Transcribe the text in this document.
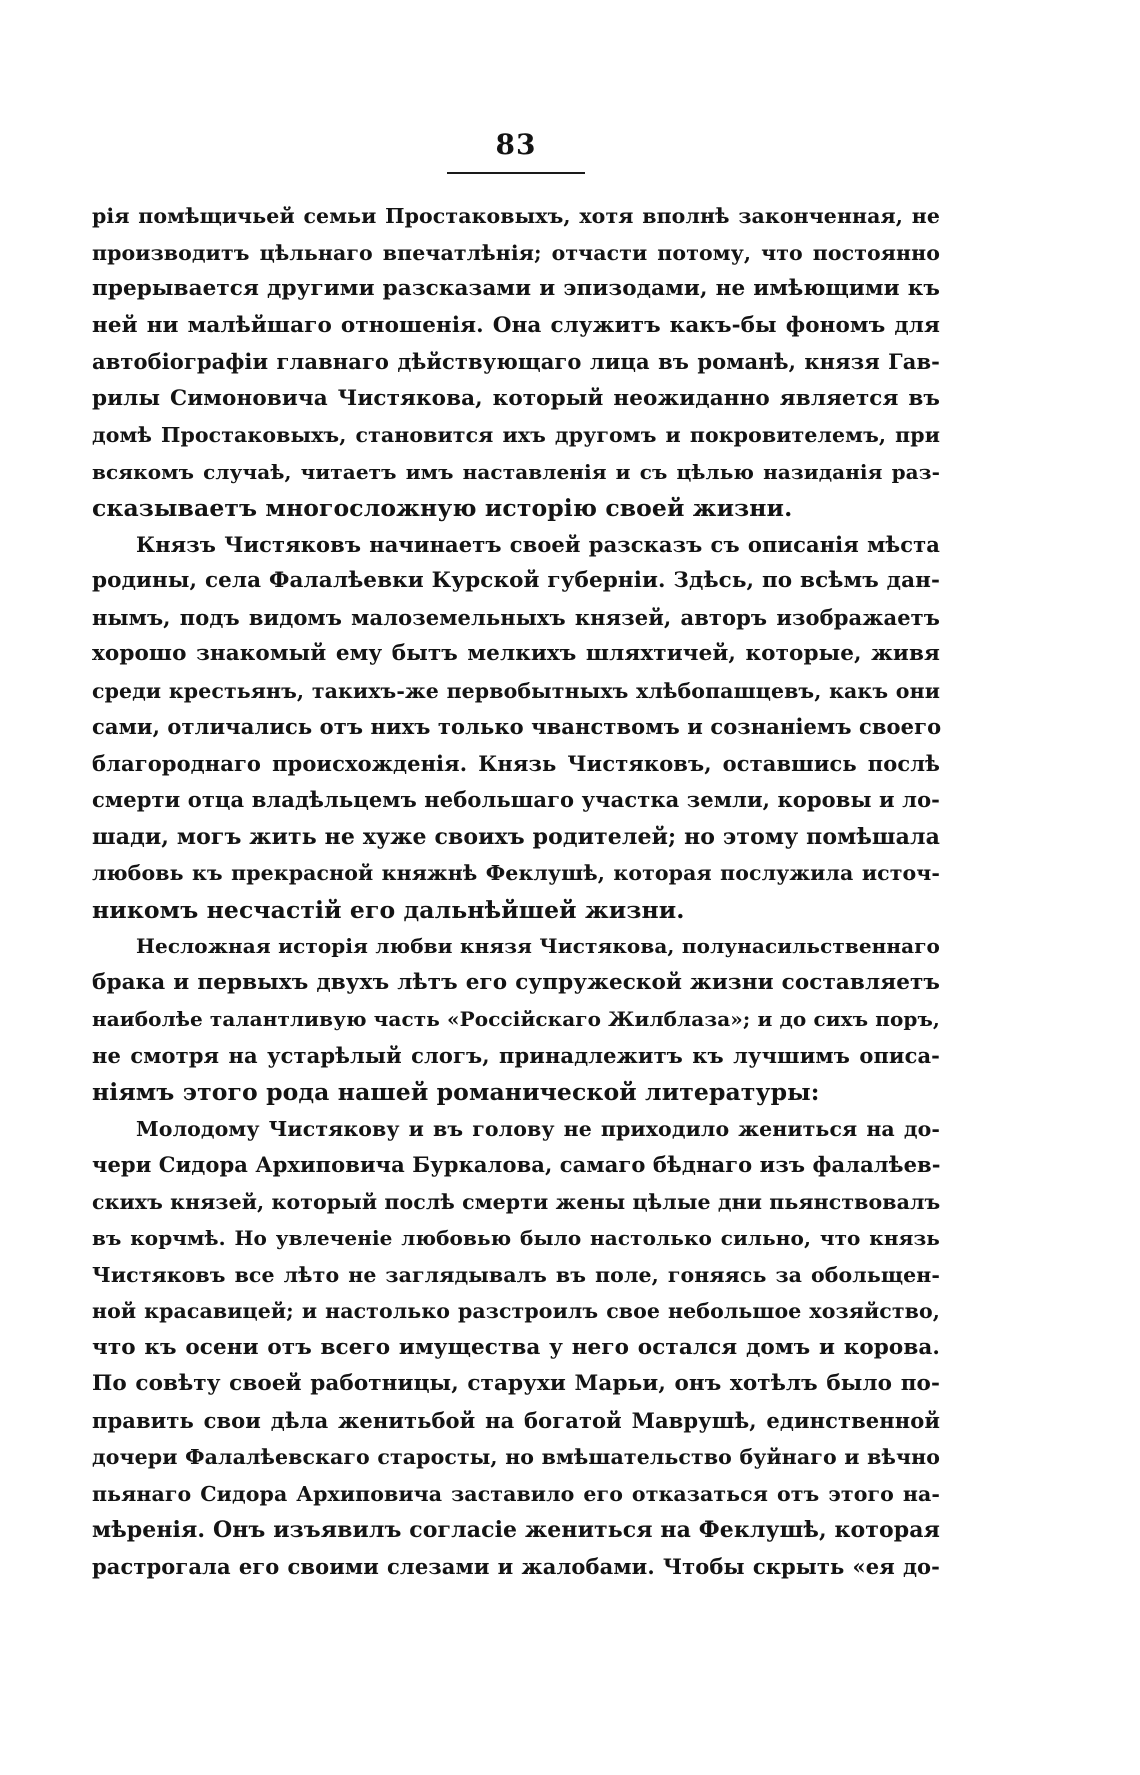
83
рія помѣщичьей семьи Простаковыхъ, хотя вполнѣ законченная, не
производитъ цѣльнаго впечатлѣнія; отчасти потому, что постоянно
прерывается другими разсказами и эпизодами, не имѣющими къ
ней ни малѣйшаго отношенія. Она служитъ какъ-бы фономъ для
автобіографіи главнаго дѣйствующаго лица въ романѣ, князя Гав-
рилы Симоновича Чистякова, который неожиданно является въ
домѣ Простаковыхъ, становится ихъ другомъ и покровителемъ, при
всякомъ случаѣ, читаетъ имъ наставленія и съ цѣлью назиданія раз-
сказываетъ многосложную исторію своей жизни.
Князъ Чистяковъ начинаетъ своей разсказъ съ описанія мѣста
родины, села Фалалѣевки Курской губерніи. Здѣсь, по всѣмъ дан-
нымъ, подъ видомъ малоземельныхъ князей, авторъ изображаетъ
хорошо знакомый ему бытъ мелкихъ шляхтичей, которые, живя
среди крестьянъ, такихъ-же первобытныхъ хлѣбопашцевъ, какъ они
сами, отличались отъ нихъ только чванствомъ и сознаніемъ своего
благороднаго происхожденія. Князь Чистяковъ, оставшись послѣ
смерти отца владѣльцемъ небольшаго участка земли, коровы и ло-
шади, могъ жить не хуже своихъ родителей; но этому помѣшала
любовь къ прекрасной княжнѣ Феклушѣ, которая послужила источ-
никомъ несчастій его дальнѣйшей жизни.
Несложная исторія любви князя Чистякова, полунасильственнаго
брака и первыхъ двухъ лѣтъ его супружеской жизни составляетъ
наиболѣе талантливую часть «Россійскаго Жилблаза»; и до сихъ поръ,
не смотря на устарѣлый слогъ, принадлежитъ къ лучшимъ описа-
ніямъ этого рода нашей романической литературы:
Молодому Чистякову и въ голову не приходило жениться на до-
чери Сидора Архиповича Буркалова, самаго бѣднаго изъ фалалѣев-
скихъ князей, который послѣ смерти жены цѣлые дни пьянствовалъ
въ корчмѣ. Но увлеченіе любовью было настолько сильно, что князь
Чистяковъ все лѣто не заглядывалъ въ поле, гоняясь за обольщен-
ной красавицей; и настолько разстроилъ свое небольшое хозяйство,
что къ осени отъ всего имущества у него остался домъ и корова.
По совѣту своей работницы, старухи Марьи, онъ хотѣлъ было по-
править свои дѣла женитьбой на богатой Маврушѣ, единственной
дочери Фалалѣевскаго старосты, но вмѣшательство буйнаго и вѣчно
пьянаго Сидора Архиповича заставило его отказаться отъ этого на-
мѣренія. Онъ изъявилъ согласіе жениться на Феклушѣ, которая
растрогала его своими слезами и жалобами. Чтобы скрыть «ея до-
